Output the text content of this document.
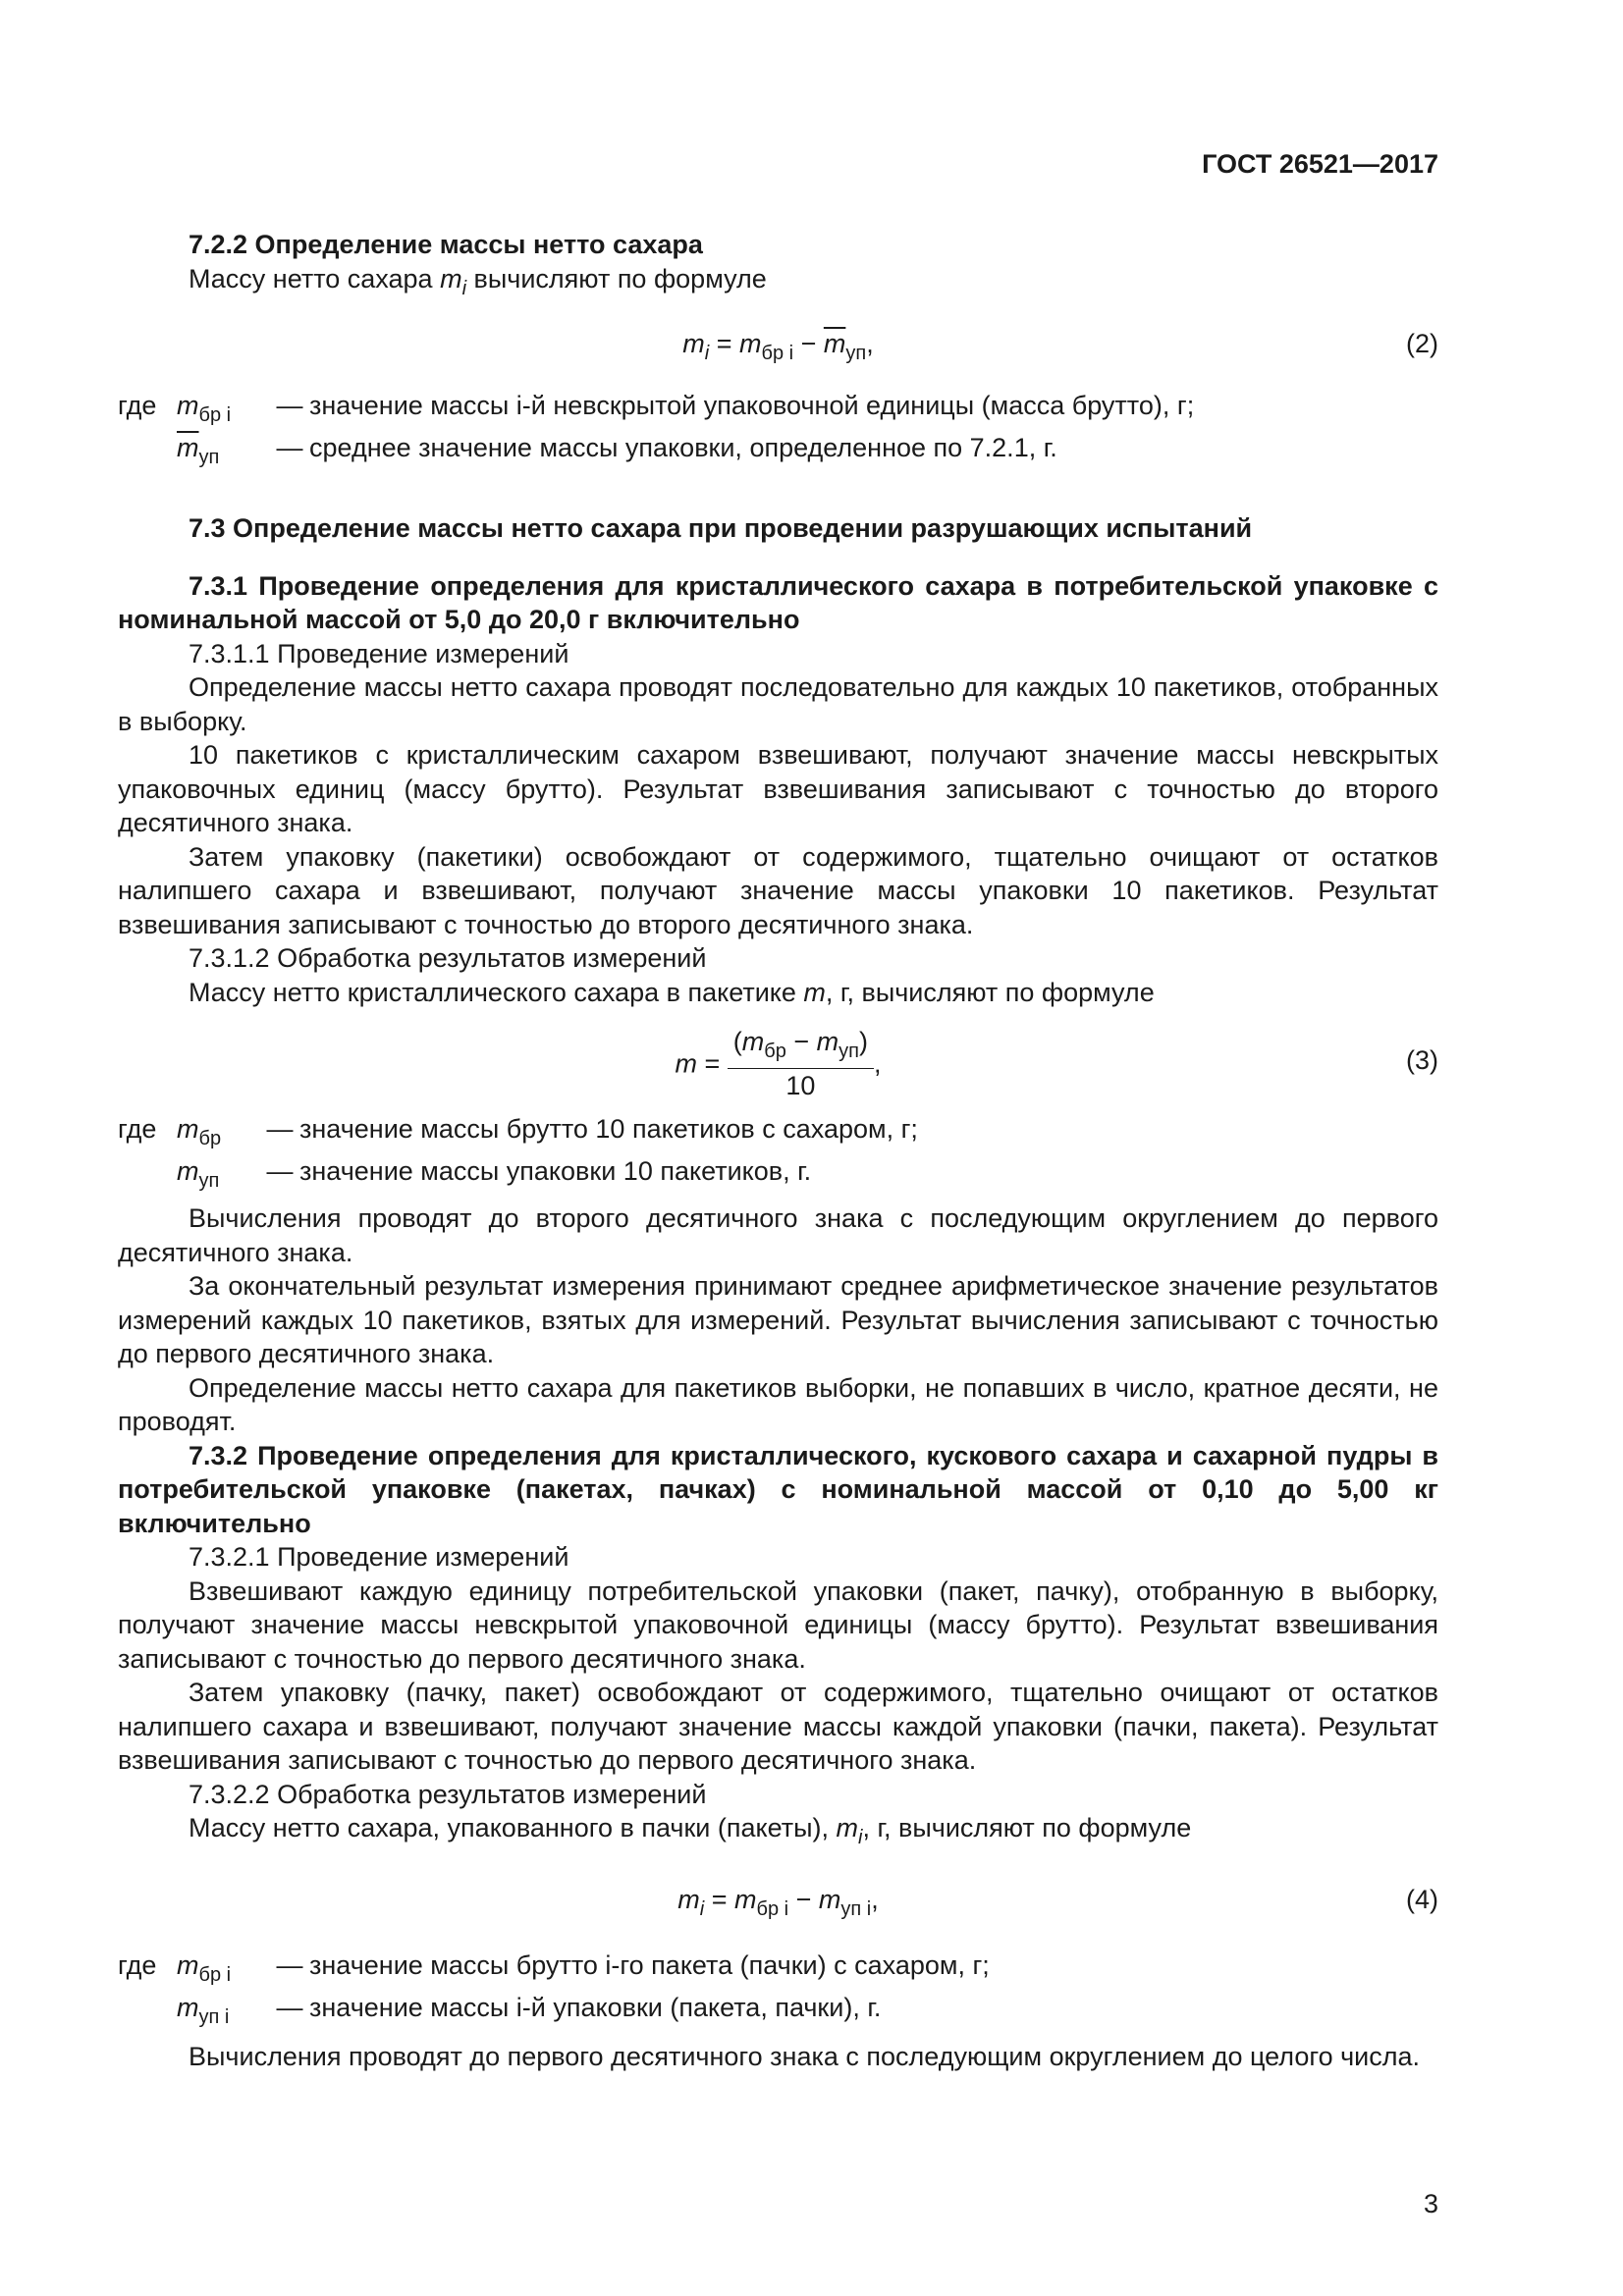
ГОСТ 26521—2017

7.2.2 Определение массы нетто сахара

Массу нетто сахара $m_i$ вычисляют по формуле

$m_i = m_{бр i} - \overline{m}_{уп}$,	(2)
где $m_{бр i}$	— значение массы i-й невскрытой упаковочной единицы (масса брутто), г;
$\overline{m}_{уп}$	— среднее значение массы упаковки, определенное по 7.2.1, г.

7.3 Определение массы нетто сахара при проведении разрушающих испытаний

7.3.1 Проведение определения для кристаллического сахара в потребительской упаковке с номинальной массой от 5,0 до 20,0 г включительно

7.3.1.1 Проведение измерений

Определение массы нетто сахара проводят последовательно для каждых 10 пакетиков, отобранных в выборку.

10 пакетиков с кристаллическим сахаром взвешивают, получают значение массы невскрытых упаковочных единиц (массу брутто). Результат взвешивания записывают с точностью до второго десятичного знака.

Затем упаковку (пакетики) освобождают от содержимого, тщательно очищают от остатков налипшего сахара и взвешивают, получают значение массы упаковки 10 пакетиков. Результат взвешивания записывают с точностью до второго десятичного знака.

7.3.1.2 Обработка результатов измерений

Массу нетто кристаллического сахара в пакетике m, г, вычисляют по формуле

$m = \frac{(m_{бр} - m_{уп})}{10}$ ,	(3)
где $m_{бр}$	— значение массы брутто 10 пакетиков с сахаром, г;
$m_{уп}$	— значение массы упаковки 10 пакетиков, г.

Вычисления проводят до второго десятичного знака с последующим округлением до первого десятичного знака.

За окончательный результат измерения принимают среднее арифметическое значение результатов измерений каждых 10 пакетиков, взятых для измерений. Результат вычисления записывают с точностью до первого десятичного знака.

Определение массы нетто сахара для пакетиков выборки, не попавших в число, кратное десяти, не проводят.

7.3.2 Проведение определения для кристаллического, кускового сахара и сахарной пудры в потребительской упаковке (пакетах, пачках) с номинальной массой от 0,10 до 5,00 кг включительно

7.3.2.1 Проведение измерений

Взвешивают каждую единицу потребительской упаковки (пакет, пачку), отобранную в выборку, получают значение массы невскрытой упаковочной единицы (массу брутто). Результат взвешивания записывают с точностью до первого десятичного знака.

Затем упаковку (пачку, пакет) освобождают от содержимого, тщательно очищают от остатков налипшего сахара и взвешивают, получают значение массы каждой упаковки (пачки, пакета). Результат взвешивания записывают с точностью до первого десятичного знака.

7.3.2.2 Обработка результатов измерений

Массу нетто сахара, упакованного в пачки (пакеты), $m_i$, г, вычисляют по формуле

$m_i = m_{бр i} - m_{уп i}$,	(4)
где $m_{бр i}$	— значение массы брутто i-го пакета (пачки) с сахаром, г;
$m_{уп i}$	— значение массы i-й упаковки (пакета, пачки), г.

Вычисления проводят до первого десятичного знака с последующим округлением до целого числа.

3
